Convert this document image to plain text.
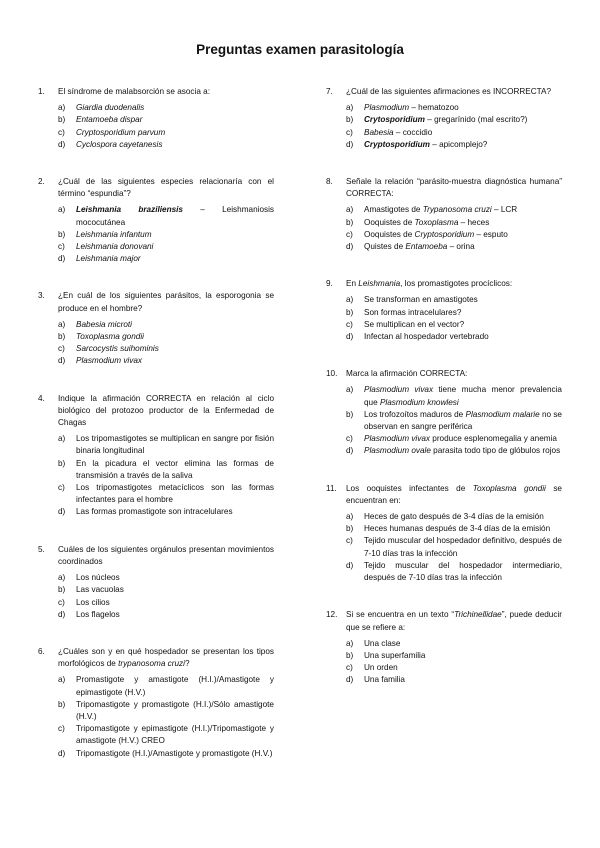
Preguntas examen parasitología
1. El síndrome de malabsorción se asocia a:
a) Giardia duodenalis
b) Entamoeba dispar
c) Cryptosporidium parvum
d) Cyclospora cayetanesis
2. ¿Cuál de las siguientes especies relacionaría con el término “espundia”?
a) Leishmania braziliensis – Leishmaniosis mococutánea
b) Leishmania infantum
c) Leishmania donovani
d) Leishmania major
3. ¿En cuál de los siguientes parásitos, la esporogonia se produce en el hombre?
a) Babesia microti
b) Toxoplasma gondii
c) Sarcocystis suihominis
d) Plasmodium vivax
4. Indique la afirmación CORRECTA en relación al ciclo biológico del protozoo productor de la Enfermedad de Chagas
a) Los tripomastigotes se multiplican en sangre por fisión binaria longitudinal
b) En la picadura el vector elimina las formas de transmisión a través de la saliva
c) Los tripomastigotes metacíclicos son las formas infectantes para el hombre
d) Las formas promastigote son intracelulares
5. Cuáles de los siguientes orgánulos presentan movimientos coordinados
a) Los núcleos
b) Las vacuolas
c) Los cilios
d) Los flagelos
6. ¿Cuáles son y en qué hospedador se presentan los tipos morfológicos de trypanosoma cruzi?
a) Promastigote y amastigote (H.I.)/Amastigote y epimastigote (H.V.)
b) Tripomastigote y promastigote (H.I.)/Sólo amastigote (H.V.)
c) Tripomastigote y epimastigote (H.I.)/Tripomastigote y amastigote (H.V.) CREO
d) Tripomastigote (H.I.)/Amastigote y promastigote (H.V.)
7. ¿Cuál de las siguientes afirmaciones es INCORRECTA?
a) Plasmodium – hematozoo
b) Crytosporidium – gregarínido (mal escrito?)
c) Babesia – coccidio
d) Cryptosporidium – apicomplejo?
8. Señale la relación “parásito-muestra diagnóstica humana” CORRECTA:
a) Amastigotes de Trypanosoma cruzi – LCR
b) Ooquistes de Toxoplasma – heces
c) Ooquistes de Cryptosporidium – esputo
d) Quistes de Entamoeba – orina
9. En Leishmania, los promastigotes procíclicos:
a) Se transforman en amastigotes
b) Son formas intracelulares?
c) Se multiplican en el vector?
d) Infectan al hospedador vertebrado
10. Marca la afirmación CORRECTA:
a) Plasmodium vivax tiene mucha menor prevalencia que Plasmodium knowlesi
b) Los trofozoítos maduros de Plasmodium malarie no se observan en sangre periférica
c) Plasmodium vivax produce esplenomegalia y anemia
d) Plasmodium ovale parasita todo tipo de glóbulos rojos
11. Los ooquistes infectantes de Toxoplasma gondii se encuentran en:
a) Heces de gato después de 3-4 días de la emisión
b) Heces humanas después de 3-4 días de la emisión
c) Tejido muscular del hospedador definitivo, después de 7-10 días tras la infección
d) Tejido muscular del hospedador intermediario, después de 7-10 días tras la infección
12. Si se encuentra en un texto “Trichinellidae”, puede deducir que se refiere a:
a) Una clase
b) Una superfamilia
c) Un orden
d) Una familia
